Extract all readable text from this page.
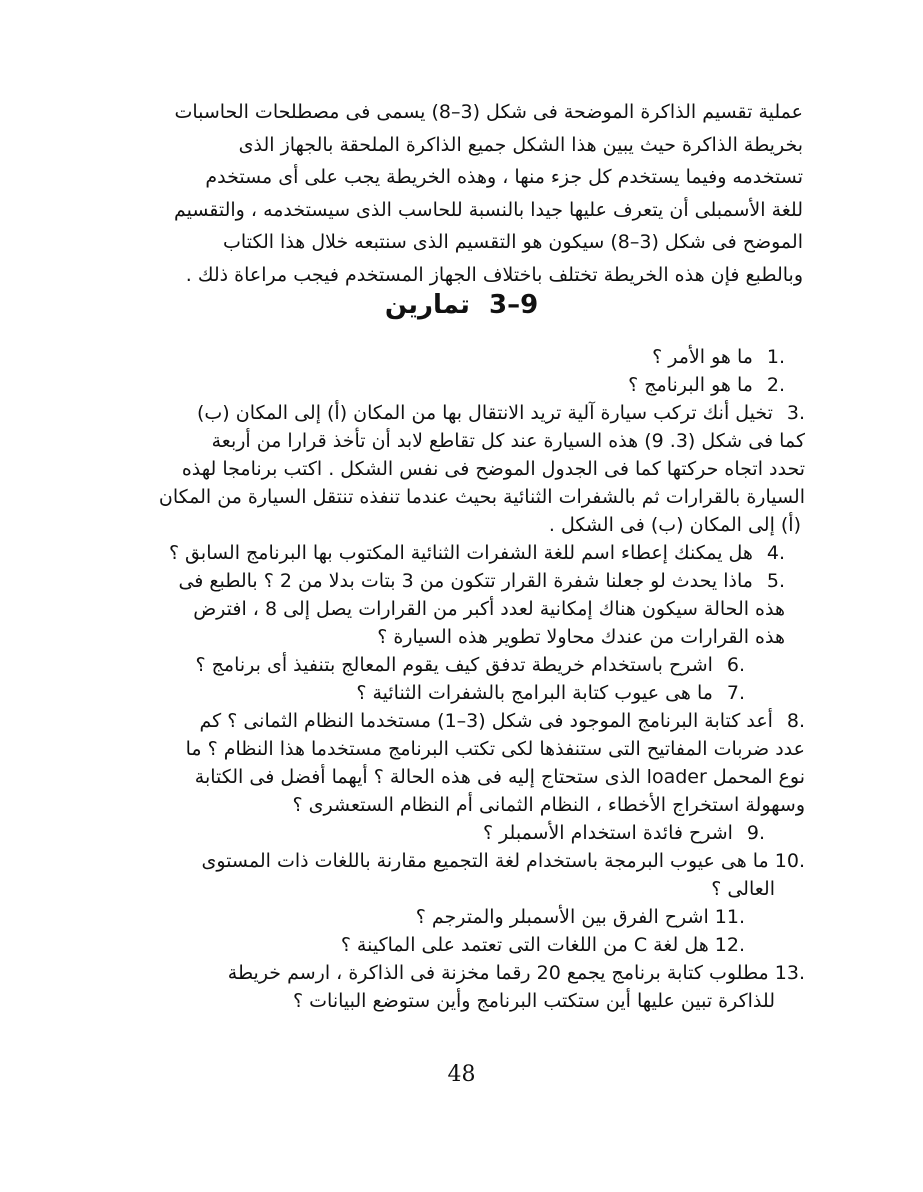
عملية تقسيم الذاكرة الموضحة فى شكل (3–8) يسمى فى مصطلحات الحاسبات
بخريطة الذاكرة حيث يبين هذا الشكل جميع الذاكرة الملحقة بالجهاز الذى
تستخدمه وفيما يستخدم كل جزء منها ، وهذه الخريطة يجب على أى مستخدم
للغة الأسمبلى أن يتعرف عليها جيدا بالنسبة للحاسب الذى سيستخدمه ، والتقسيم
الموضح فى شكل (3–8) سيكون هو التقسيم الذى سنتبعه خلال هذا الكتاب
وبالطبع فإن هذه الخريطة تختلف باختلاف الجهاز المستخدم فيجب مراعاة ذلك .
3–9 تمارين
1. ما هو الأمر ؟
2. ما هو البرنامج ؟
3. تخيل أنك تركب سيارة آلية تريد الانتقال بها من المكان (أ) إلى المكان (ب)
كما فى شكل (3. 9) هذه السيارة عند كل تقاطع لابد أن تأخذ قرارا من أربعة
تحدد اتجاه حركتها كما فى الجدول الموضح فى نفس الشكل . اكتب برنامجا لهذه
السيارة بالقرارات ثم بالشفرات الثنائية بحيث عندما تنفذه تنتقل السيارة من المكان
(أ) إلى المكان (ب) فى الشكل .
4. هل يمكنك إعطاء اسم للغة الشفرات الثنائية المكتوب بها البرنامج السابق ؟
5. ماذا يحدث لو جعلنا شفرة القرار تتكون من 3 بتات بدلا من 2 ؟ بالطبع فى
هذه الحالة سيكون هناك إمكانية لعدد أكبر من القرارات يصل إلى 8 ، افترض
هذه القرارات من عندك محاولا تطوير هذه السيارة ؟
6. اشرح باستخدام خريطة تدفق كيف يقوم المعالج بتنفيذ أى برنامج ؟
7. ما هى عيوب كتابة البرامج بالشفرات الثنائية ؟
8. أعد كتابة البرنامج الموجود فى شكل (3–1) مستخدما النظام الثمانى ؟ كم
عدد ضربات المفاتيح التى ستنفذها لكى تكتب البرنامج مستخدما هذا النظام ؟ ما
نوع المحمل loader الذى ستحتاج إليه فى هذه الحالة ؟ أيهما أفضل فى الكتابة
وسهولة استخراج الأخطاء ، النظام الثمانى أم النظام الستعشرى ؟
9. اشرح فائدة استخدام الأسمبلر ؟
10. ما هى عيوب البرمجة باستخدام لغة التجميع مقارنة باللغات ذات المستوى
العالى ؟
11. اشرح الفرق بين الأسمبلر والمترجم ؟
12. هل لغة C من اللغات التى تعتمد على الماكينة ؟
13. مطلوب كتابة برنامج يجمع 20 رقما مخزنة فى الذاكرة ، ارسم خريطة
للذاكرة تبين عليها أين ستكتب البرنامج وأين ستوضع البيانات ؟
48
